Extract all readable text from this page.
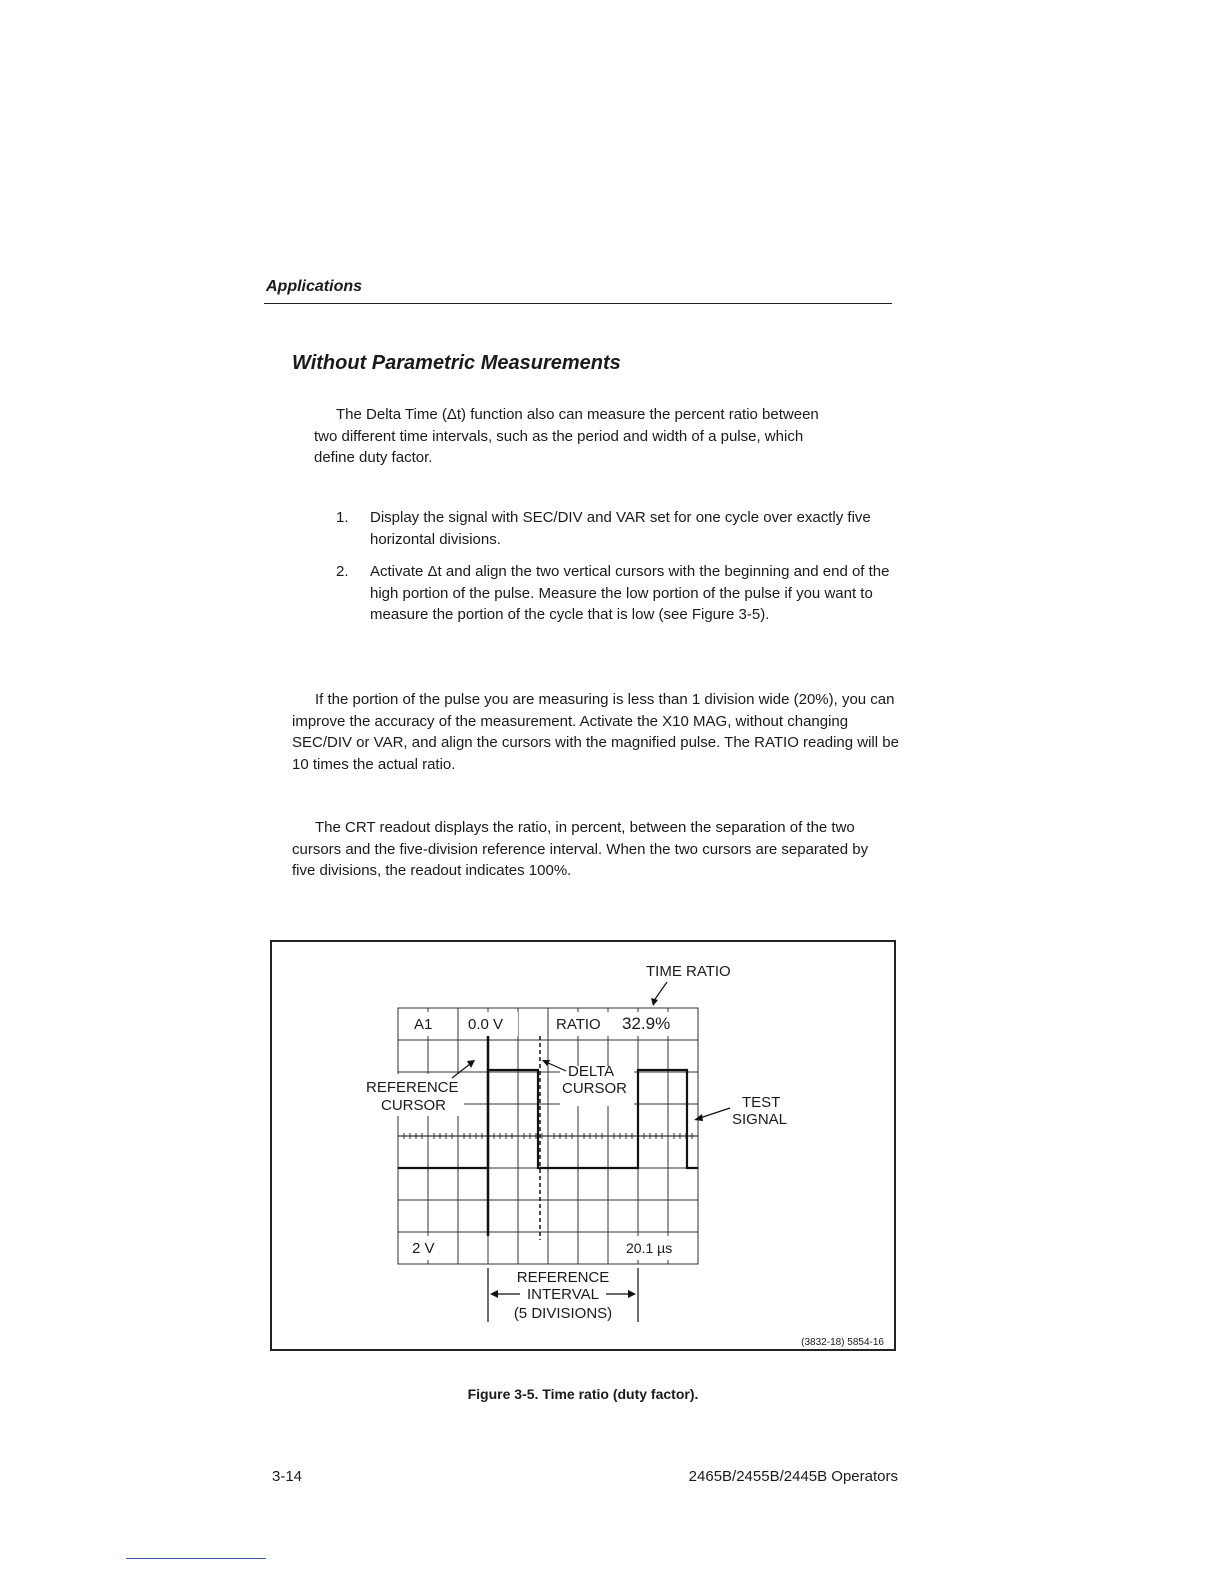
Applications
Without Parametric Measurements
The Delta Time (Δt) function also can measure the percent ratio between
two different time intervals, such as the period and width of a pulse, which
define duty factor.
1.	Display the signal with SEC/DIV and VAR set for one cycle over exactly five horizontal divisions.
2.	Activate Δt and align the two vertical cursors with the beginning and end of the high portion of the pulse. Measure the low portion of the pulse if you want to measure the portion of the cycle that is low (see Figure 3-5).
If the portion of the pulse you are measuring is less than 1 division wide (20%), you can improve the accuracy of the measurement. Activate the X10 MAG, without changing SEC/DIV or VAR, and align the cursors with the magnified pulse. The RATIO reading will be 10 times the actual ratio.
The CRT readout displays the ratio, in percent, between the separation of the two cursors and the five-division reference interval. When the two cursors are separated by five divisions, the readout indicates 100%.
A1 0.0 V	RATIO 32.9%
2 V	20.1 µs
TIME RATIO
DELTA
CURSOR
REFERENCE
CURSOR	TEST
SIGNAL
REFERENCE
INTERVAL
(5 DIVISIONS)
(3832-18) 5854-16
Figure 3-5. Time ratio (duty factor).
3-14	2465B/2455B/2445B Operators
